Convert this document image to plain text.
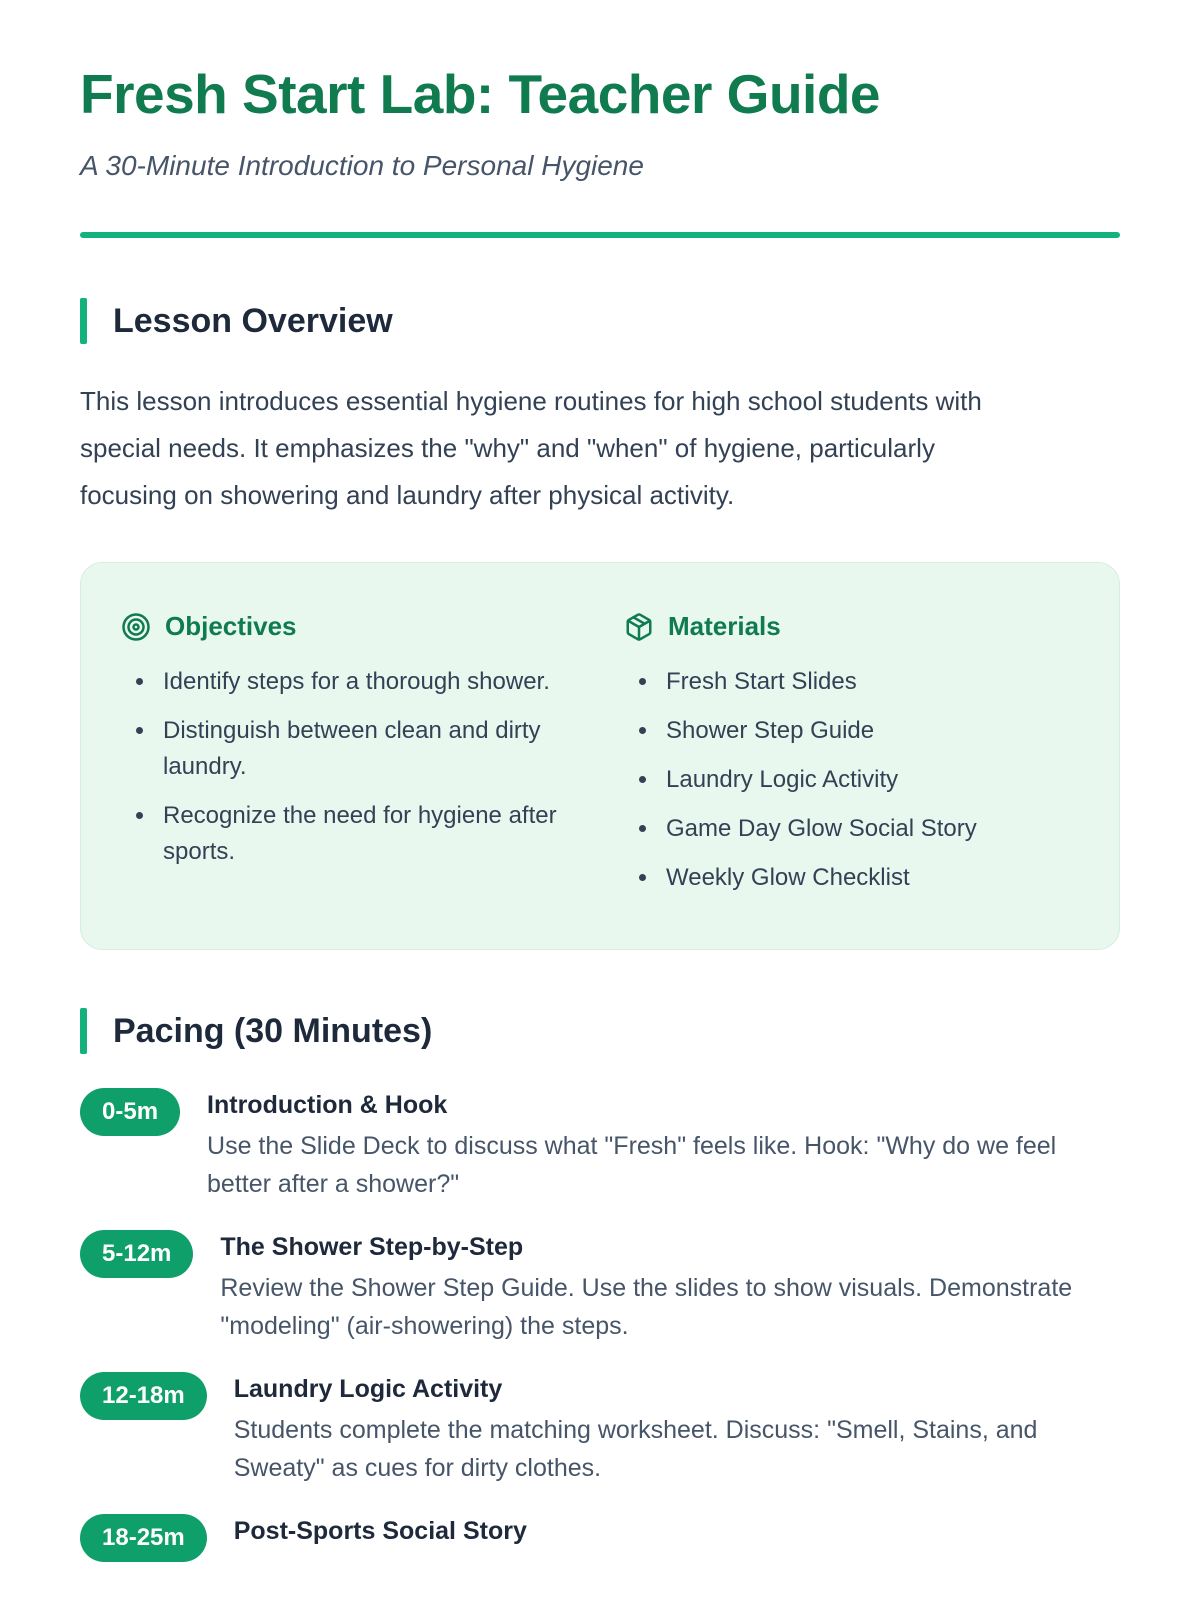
Fresh Start Lab: Teacher Guide
A 30-Minute Introduction to Personal Hygiene
Lesson Overview

This lesson introduces essential hygiene routines for high school students with special needs. It emphasizes the "why" and "when" of hygiene, particularly focusing on showering and laundry after physical activity.

Objectives
• Identify steps for a thorough shower.
• Distinguish between clean and dirty laundry.
• Recognize the need for hygiene after sports.
Materials
• Fresh Start Slides
• Shower Step Guide
• Laundry Logic Activity
• Game Day Glow Social Story
• Weekly Glow Checklist
Pacing (30 Minutes)
0-5m	Introduction & Hook
Use the Slide Deck to discuss what "Fresh" feels like. Hook: "Why do we feel better after a shower?"
5-12m	The Shower Step-by-Step
Review the Shower Step Guide. Use the slides to show visuals. Demonstrate "modeling" (air-showering) the steps.
12-18m	Laundry Logic Activity
Students complete the matching worksheet. Discuss: "Smell, Stains, and Sweaty" as cues for dirty clothes.
18-25m	Post-Sports Social Story
